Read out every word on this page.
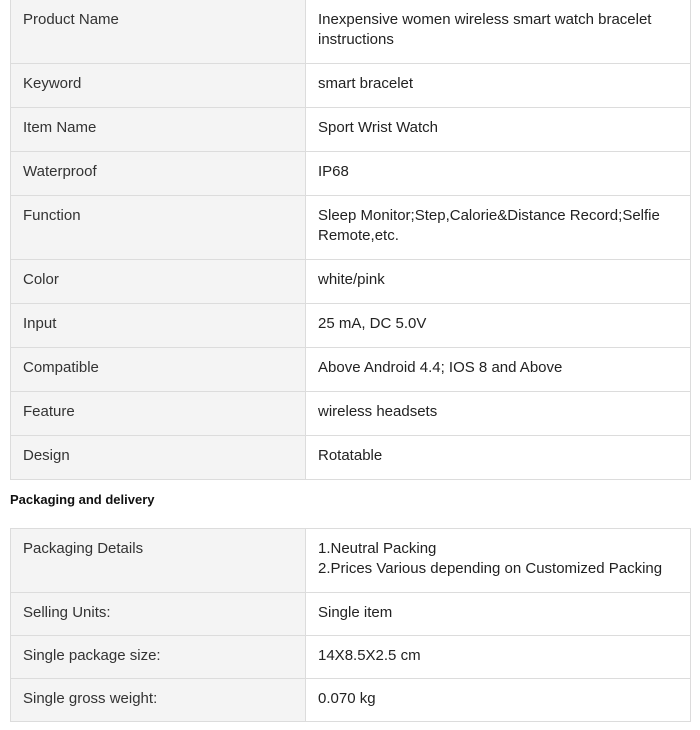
Product Name	Inexpensive women wireless smart watch bracelet instructions
Keyword	smart bracelet
Item Name	Sport Wrist Watch
Waterproof	IP68
Function	Sleep Monitor;Step,Calorie&Distance Record;Selfie Remote,etc.
Color	white/pink
Input	25 mA, DC 5.0V
Compatible	Above Android 4.4; IOS 8 and Above
Feature	wireless headsets
Design	Rotatable
Packaging and delivery
Packaging Details	1.Neutral Packing
2.Prices Various depending on Customized Packing

Selling Units:	Single item
Single package size:	14X8.5X2.5 cm
Single gross weight:	0.070 kg
